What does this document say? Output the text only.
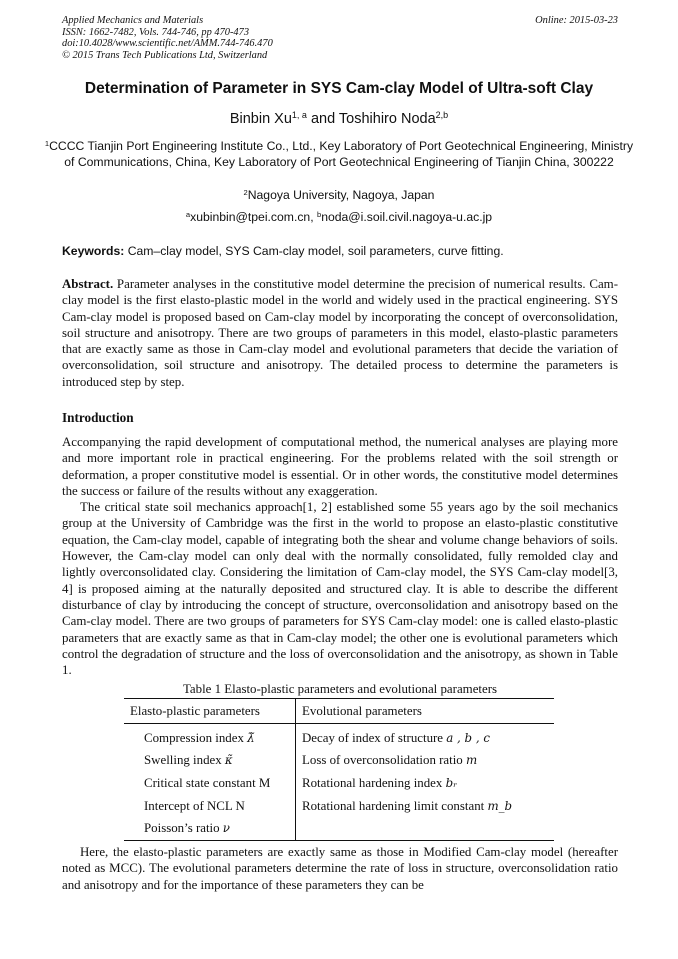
Applied Mechanics and Materials
ISSN: 1662-7482, Vols. 744-746, pp 470-473
doi:10.4028/www.scientific.net/AMM.744-746.470
© 2015 Trans Tech Publications Ltd, Switzerland
Online: 2015-03-23
Determination of Parameter in SYS Cam-clay Model of Ultra-soft Clay
Binbin Xu$^{1, a}$ and Toshihiro Noda$^{2,b}$
$^1$CCCC Tianjin Port Engineering Institute Co., Ltd., Key Laboratory of Port Geotechnical Engineering, Ministry of Communications, China, Key Laboratory of Port Geotechnical Engineering of Tianjin China, 300222
$^2$Nagoya University, Nagoya, Japan
$^a$xubinbin@tpei.com.cn, $^b$noda@i.soil.civil.nagoya-u.ac.jp
Keywords: Cam–clay model, SYS Cam-clay model, soil parameters, curve fitting.
Abstract. Parameter analyses in the constitutive model determine the precision of numerical results. Cam-clay model is the first elasto-plastic model in the world and widely used in the practical engineering. SYS Cam-clay model is proposed based on Cam-clay model by incorporating the concept of overconsolidation, soil structure and anisotropy. There are two groups of parameters in this model, elasto-plastic parameters that are exactly same as those in Cam-clay model and evolutional parameters that decide the variation of overconsolidation, soil structure and anisotropy. The detailed process to determine the parameters is introduced step by step.
Introduction
Accompanying the rapid development of computational method, the numerical analyses are playing more and more important role in practical engineering. For the problems related with the soil strength or deformation, a proper constitutive model is essential. Or in other words, the constitutive model determines the success or failure of the results without any exaggeration.
The critical state soil mechanics approach[1, 2] established some 55 years ago by the soil mechanics group at the University of Cambridge was the first in the world to propose an elasto-plastic constitutive equation, the Cam-clay model, capable of integrating both the shear and volume change behaviors of soils. However, the Cam-clay model can only deal with the normally consolidated, fully remolded clay and lightly overconsolidated clay. Considering the limitation of Cam-clay model, the SYS Cam-clay model[3, 4] is proposed aiming at the naturally deposited and structured clay. It is able to describe the different disturbance of clay by introducing the concept of structure, overconsolidation and anisotropy based on the Cam-clay model. There are two groups of parameters for SYS Cam-clay model: one is called elasto-plastic parameters that are exactly same as that in Cam-clay model; the other one is evolutional parameters which control the degradation of structure and the loss of overconsolidation and the anisotropy, as shown in Table 1.
Table 1 Elasto-plastic parameters and evolutional parameters
Elasto-plastic parameters	Evolutional parameters
Compression index λ̃	Decay of index of structure a , b , c
Swelling index κ̃	Loss of overconsolidation ratio m
Critical state constant M	Rotational hardening index bᵣ
Intercept of NCL N	Rotational hardening limit constant m_b
Poisson’s ratio ν	
Here, the elasto-plastic parameters are exactly same as those in Modified Cam-clay model (hereafter noted as MCC). The evolutional parameters determine the rate of loss in structure, overconsolidation ratio and anisotropy and for the importance of these parameters they can be
